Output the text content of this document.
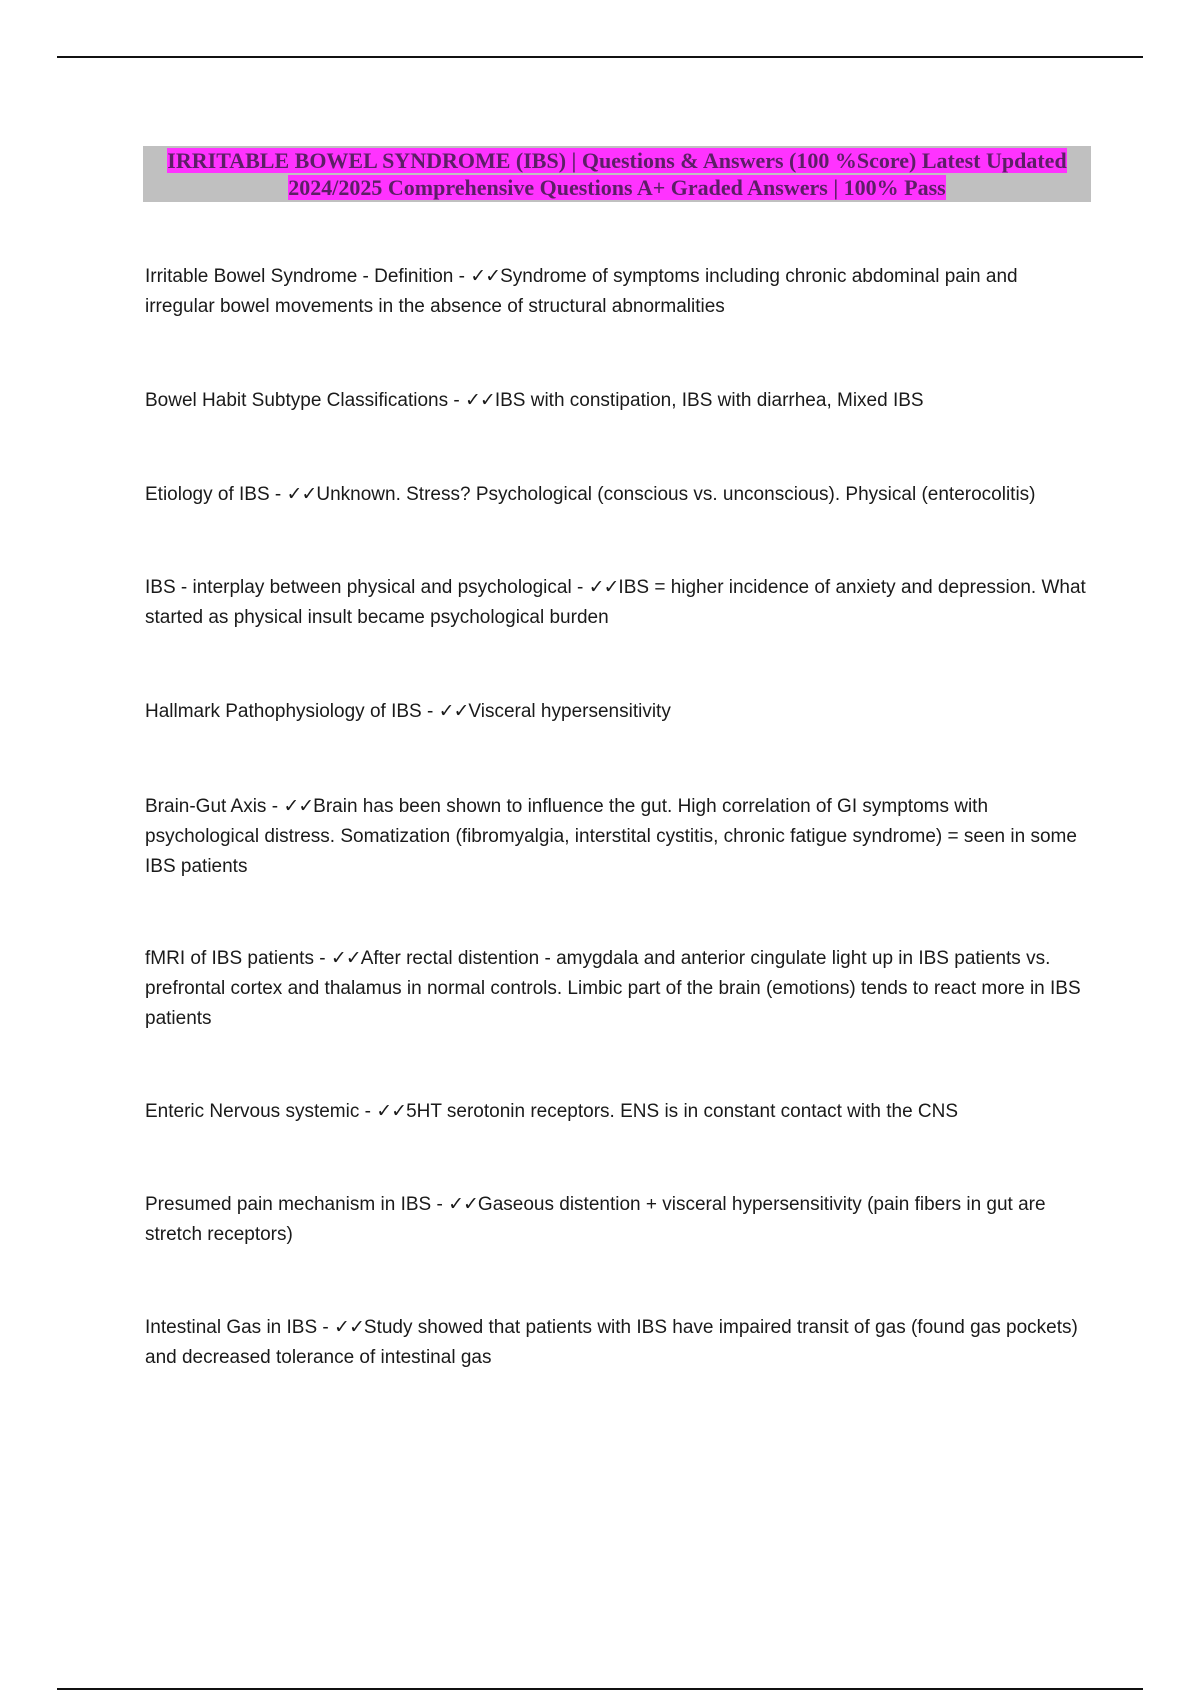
IRRITABLE BOWEL SYNDROME (IBS) | Questions & Answers (100 %Score) Latest Updated 2024/2025 Comprehensive Questions A+ Graded Answers | 100% Pass
Irritable Bowel Syndrome - Definition - ✓✓Syndrome of symptoms including chronic abdominal pain and irregular bowel movements in the absence of structural abnormalities
Bowel Habit Subtype Classifications - ✓✓IBS with constipation, IBS with diarrhea, Mixed IBS
Etiology of IBS - ✓✓Unknown. Stress? Psychological (conscious vs. unconscious). Physical (enterocolitis)
IBS - interplay between physical and psychological - ✓✓IBS = higher incidence of anxiety and depression. What started as physical insult became psychological burden
Hallmark Pathophysiology of IBS - ✓✓Visceral hypersensitivity
Brain-Gut Axis - ✓✓Brain has been shown to influence the gut. High correlation of GI symptoms with psychological distress. Somatization (fibromyalgia, interstital cystitis, chronic fatigue syndrome) = seen in some IBS patients
fMRI of IBS patients - ✓✓After rectal distention - amygdala and anterior cingulate light up in IBS patients vs. prefrontal cortex and thalamus in normal controls. Limbic part of the brain (emotions) tends to react more in IBS patients
Enteric Nervous systemic - ✓✓5HT serotonin receptors. ENS is in constant contact with the CNS
Presumed pain mechanism in IBS - ✓✓Gaseous distention + visceral hypersensitivity (pain fibers in gut are stretch receptors)
Intestinal Gas in IBS - ✓✓Study showed that patients with IBS have impaired transit of gas (found gas pockets) and decreased tolerance of intestinal gas
